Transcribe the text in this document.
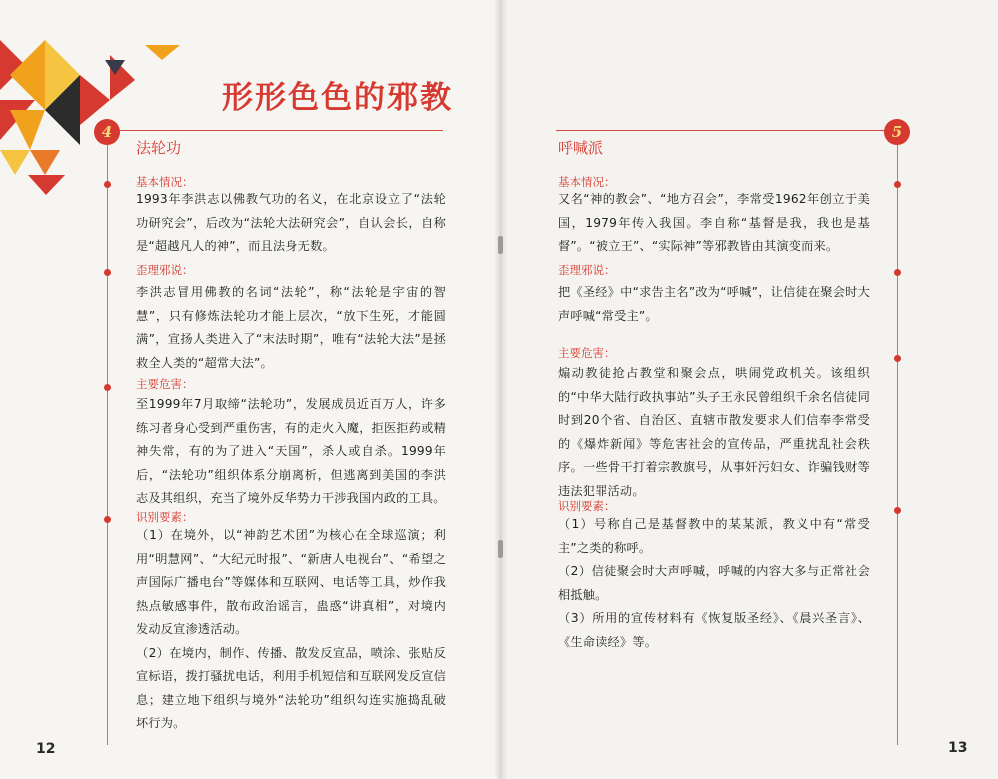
形形色色的邪教
4
法轮功
基本情况：

1993年李洪志以佛教气功的名义，在北京设立了“法轮功研究会”，后改为“法轮大法研究会”，自认会长，自称是“超越凡人的神”，而且法身无数。

歪理邪说：

李洪志冒用佛教的名词“法轮”，称“法轮是宇宙的智慧”，只有修炼法轮功才能上层次，“放下生死，才能圆满”，宣扬人类进入了“末法时期”，唯有“法轮大法”是拯救全人类的“超常大法”。

主要危害：

至1999年7月取缔“法轮功”，发展成员近百万人，许多练习者身心受到严重伤害，有的走火入魔，拒医拒药或精神失常，有的为了进入“天国”，杀人或自杀。1999年后，“法轮功”组织体系分崩离析，但逃离到美国的李洪志及其组织，充当了境外反华势力干涉我国内政的工具。

识别要素：

（1）在境外，以“神韵艺术团”为核心在全球巡演；利用“明慧网”、“大纪元时报”、“新唐人电视台”、“希望之声国际广播电台”等媒体和互联网、电话等工具，炒作我热点敏感事件，散布政治谣言，蛊惑“讲真相”，对境内发动反宣渗透活动。

（2）在境内，制作、传播、散发反宣品，喷涂、张贴反宣标语，拨打骚扰电话，利用手机短信和互联网发反宣信息；建立地下组织与境外“法轮功”组织勾连实施捣乱破坏行为。

12
5
呼喊派
基本情况：

又名“神的教会”、“地方召会”，李常受1962年创立于美国，1979年传入我国。李自称“基督是我，我也是基督”。“被立王”、“实际神”等邪教皆由其演变而来。

歪理邪说：

把《圣经》中“求告主名”改为“呼喊”，让信徒在聚会时大声呼喊“常受主”。

主要危害：

煽动教徒抢占教堂和聚会点，哄闹党政机关。该组织的“中华大陆行政执事站”头子王永民曾组织千余名信徒同时到20个省、自治区、直辖市散发要求人们信奉李常受的《爆炸新闻》等危害社会的宣传品，严重扰乱社会秩序。一些骨干打着宗教旗号，从事奸污妇女、诈骗钱财等违法犯罪活动。

识别要素：

（1）号称自己是基督教中的某某派，教义中有“常受主”之类的称呼。

（2）信徒聚会时大声呼喊，呼喊的内容大多与正常社会相抵触。

（3）所用的宣传材料有《恢复版圣经》、《晨兴圣言》、《生命读经》等。

13
